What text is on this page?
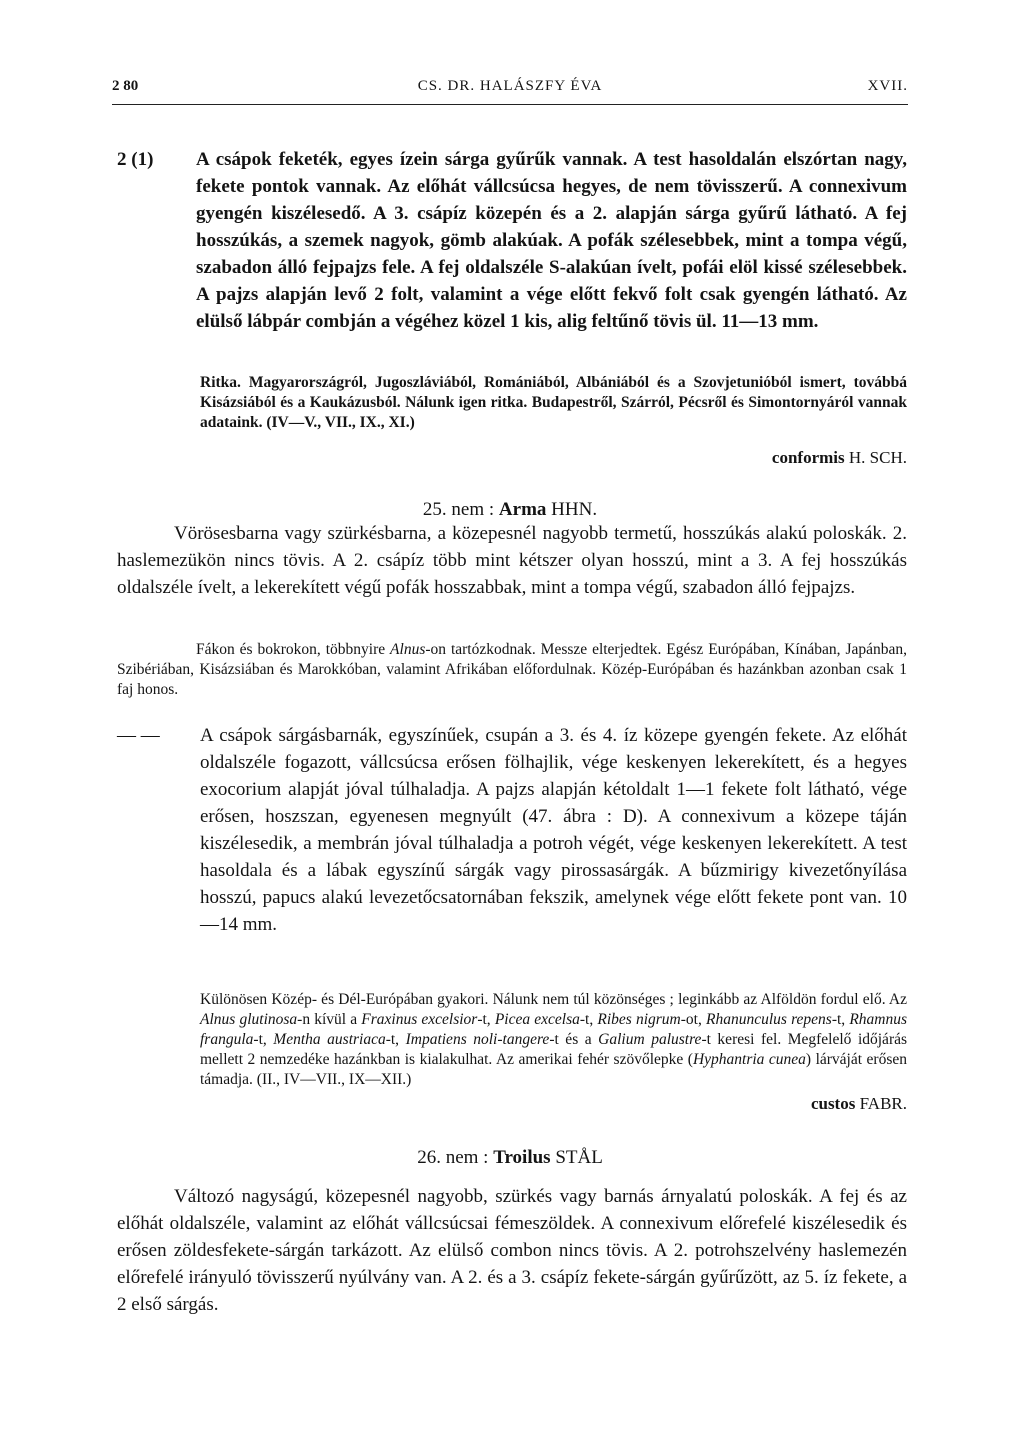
2 80	CS. DR. HALÁSZFY ÉVA	XVII.
2 (1) A csápok feketék, egyes ízein sárga gyűrűk vannak. A test hasoldalán elszórtan nagy, fekete pontok vannak. Az előhát vállcsúcsa hegyes, de nem tövisszerű. A connexivum gyengén kiszélesedő. A 3. csápíz közepén és a 2. alapján sárga gyűrű látható. A fej hosszúkás, a szemek nagyok, gömb alakúak. A pofák szélesebbek, mint a tompa végű, szabadon álló fejpajzs fele. A fej oldalszéle S-alakúan ívelt, pofái elöl kissé szélesebbek. A pajzs alapján levő 2 folt, valamint a vége előtt fekvő folt csak gyengén látható. Az elülső lábpár combján a végéhez közel 1 kis, alig feltűnő tövis ül. 11—13 mm.
Ritka. Magyarországról, Jugoszláviából, Romániából, Albániából és a Szovjetunióból ismert, továbbá Kisázsiából és a Kaukázusból. Nálunk igen ritka. Budapestről, Szárról, Pécsről és Simontornyáról vannak adataink. (IV—V., VII., IX., XI.)
conformis H. SCH.
25. nem : Arma HHN.
Vörösesbarna vagy szürkésbarna, a közepesnél nagyobb termetű, hosszúkás alakú poloskák. 2. haslemezükön nincs tövis. A 2. csápíz több mint kétszer olyan hosszú, mint a 3. A fej hosszúkás oldalszéle ívelt, a lekerekített végű pofák hosszabbak, mint a tompa végű, szabadon álló fejpajzs.
Fákon és bokrokon, többnyire Alnus-on tartózkodnak. Messze elterjedtek. Egész Európában, Kínában, Japánban, Szibériában, Kisázsiában és Marokkóban, valamint Afrikában előfordulnak. Közép-Európában és hazánkban azonban csak 1 faj honos.
— — A csápok sárgásbarnák, egyszínűek, csupán a 3. és 4. íz közepe gyengén fekete. Az előhát oldalszéle fogazott, vállcsúcsa erősen fölhajlik, vége keskenyen lekerekített, és a hegyes exocorium alapját jóval túlhaladja. A pajzs alapján kétoldalt 1—1 fekete folt látható, vége erősen, hoszszan, egyenesen megnyúlt (47. ábra : D). A connexivum a közepe táján kiszélesedik, a membrán jóval túlhaladja a potroh végét, vége keskenyen lekerekített. A test hasoldala és a lábak egyszínű sárgák vagy pirossasárgák. A bűzmirigy kivezetőnyílása hosszú, papucs alakú levezetőcsatornában fekszik, amelynek vége előtt fekete pont van. 10—14 mm.
Különösen Közép- és Dél-Európában gyakori. Nálunk nem túl közönséges ; leginkább az Alföldön fordul elő. Az Alnus glutinosa-n kívül a Fraxinus excelsior-t, Picea excelsa-t, Ribes nigrum-ot, Rhanunculus repens-t, Rhamnus frangula-t, Mentha austriaca-t, Impatiens noli-tangere-t és a Galium palustre-t keresi fel. Megfelelő időjárás mellett 2 nemzedéke hazánkban is kialakulhat. Az amerikai fehér szövőlepke (Hyphantria cunea) lárváját erősen támadja. (II., IV—VII., IX—XII.)
custos FABR.
26. nem : Troilus STÅL
Változó nagyságú, közepesnél nagyobb, szürkés vagy barnás árnyalatú poloskák. A fej és az előhát oldalszéle, valamint az előhát vállcsúcsai fémeszöldek. A connexivum előrefelé kiszélesedik és erősen zöldesfekete-sárgán tarkázott. Az elülső combon nincs tövis. A 2. potrohszelvény haslemezén előrefelé irányuló tövisszerű nyúlvány van. A 2. és a 3. csápíz fekete-sárgán gyűrűzött, az 5. íz fekete, a 2 első sárgás.
